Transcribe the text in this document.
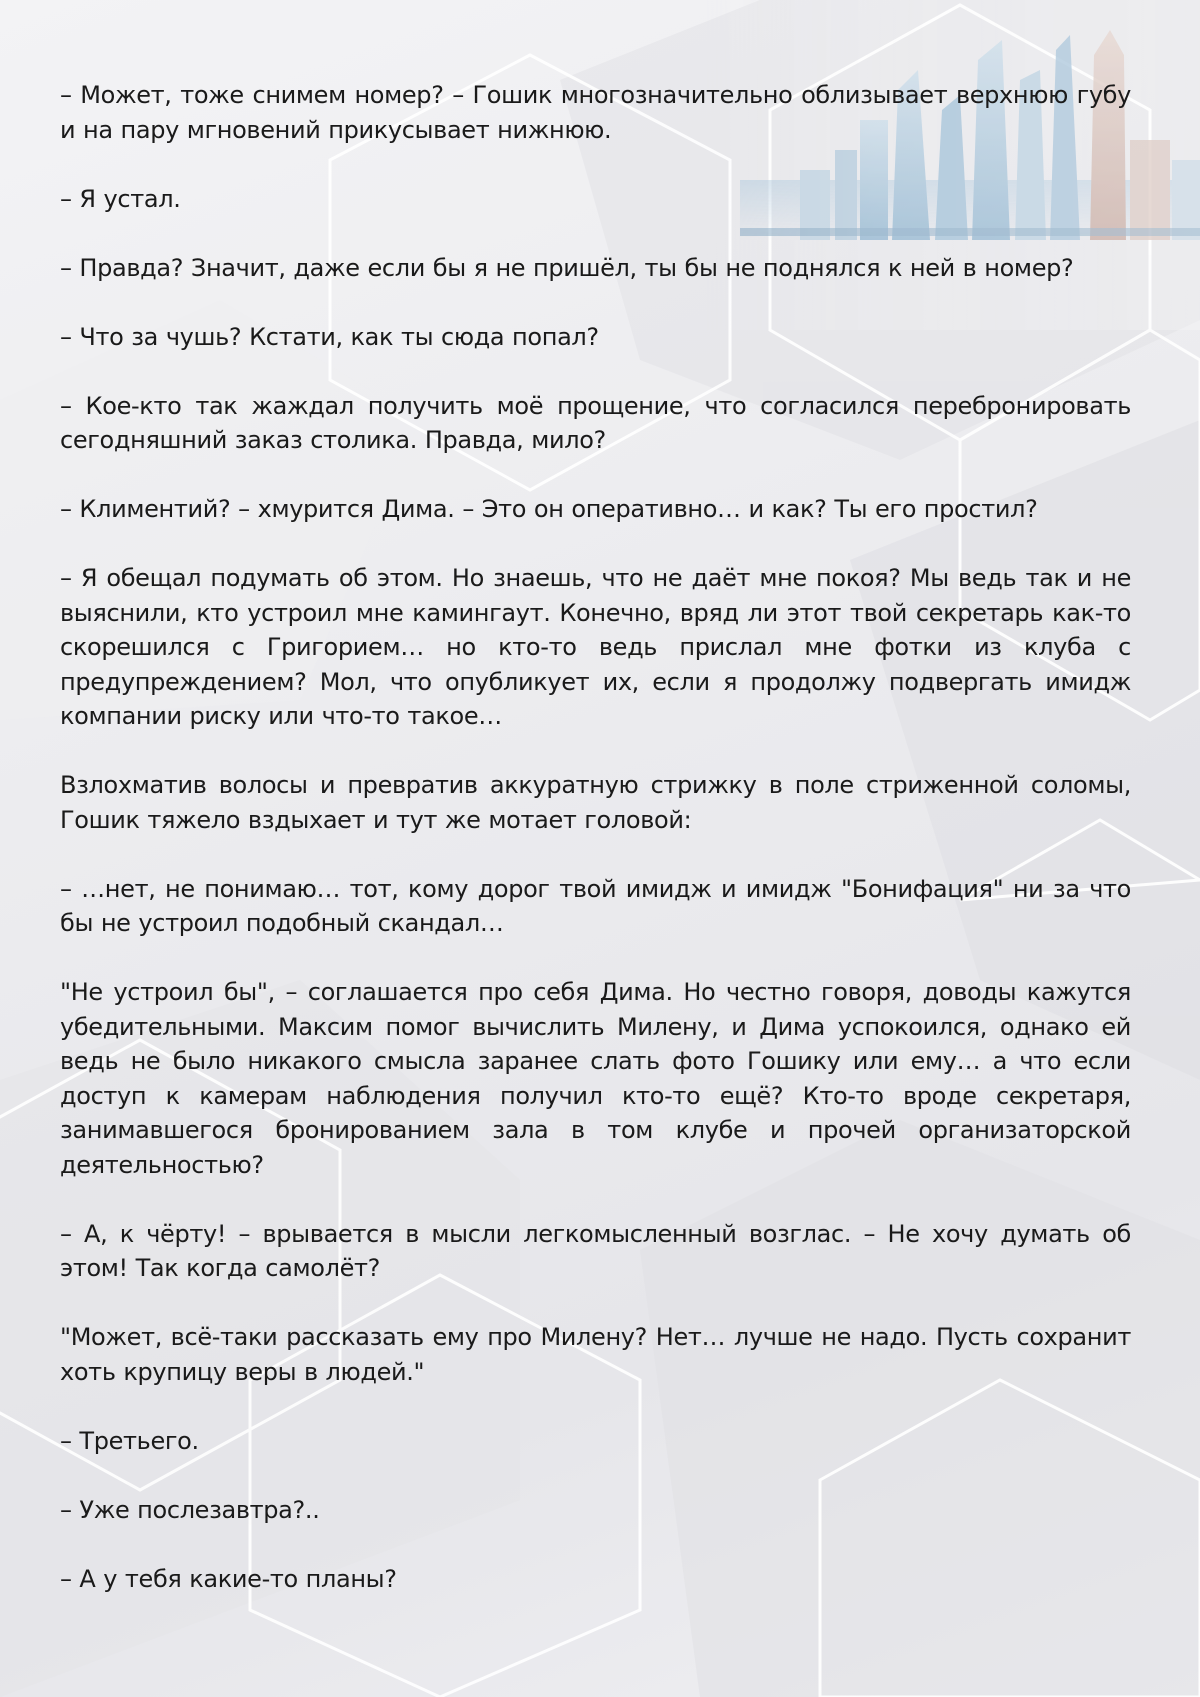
– Может, тоже снимем номер? – Гошик многозначительно облизывает верхнюю губу и на пару мгновений прикусывает нижнюю.

– Я устал.

– Правда? Значит, даже если бы я не пришёл, ты бы не поднялся к ней в номер?

– Что за чушь? Кстати, как ты сюда попал?

– Кое-кто так жаждал получить моё прощение, что согласился перебронировать сегодняшний заказ столика. Правда, мило?

– Климентий? – хмурится Дима. – Это он оперативно… и как? Ты его простил?

– Я обещал подумать об этом. Но знаешь, что не даёт мне покоя? Мы ведь так и не выяснили, кто устроил мне камингаут. Конечно, вряд ли этот твой секретарь как-то скорешился с Григорием… но кто-то ведь прислал мне фотки из клуба с предупреждением? Мол, что опубликует их, если я продолжу подвергать имидж компании риску или что-то такое…

Взлохматив волосы и превратив аккуратную стрижку в поле стриженной соломы, Гошик тяжело вздыхает и тут же мотает головой:

– …нет, не понимаю… тот, кому дорог твой имидж и имидж "Бонифация" ни за что бы не устроил подобный скандал…

"Не устроил бы", – соглашается про себя Дима. Но честно говоря, доводы кажутся убедительными. Максим помог вычислить Милену, и Дима успокоился, однако ей ведь не было никакого смысла заранее слать фото Гошику или ему… а что если доступ к камерам наблюдения получил кто-то ещё? Кто-то вроде секретаря, занимавшегося бронированием зала в том клубе и прочей организаторской деятельностью?

– А, к чёрту! – врывается в мысли легкомысленный возглас. – Не хочу думать об этом! Так когда самолёт?

"Может, всё-таки рассказать ему про Милену? Нет… лучше не надо. Пусть сохранит хоть крупицу веры в людей."

– Третьего.

– Уже послезавтра?..

– А у тебя какие-то планы?
